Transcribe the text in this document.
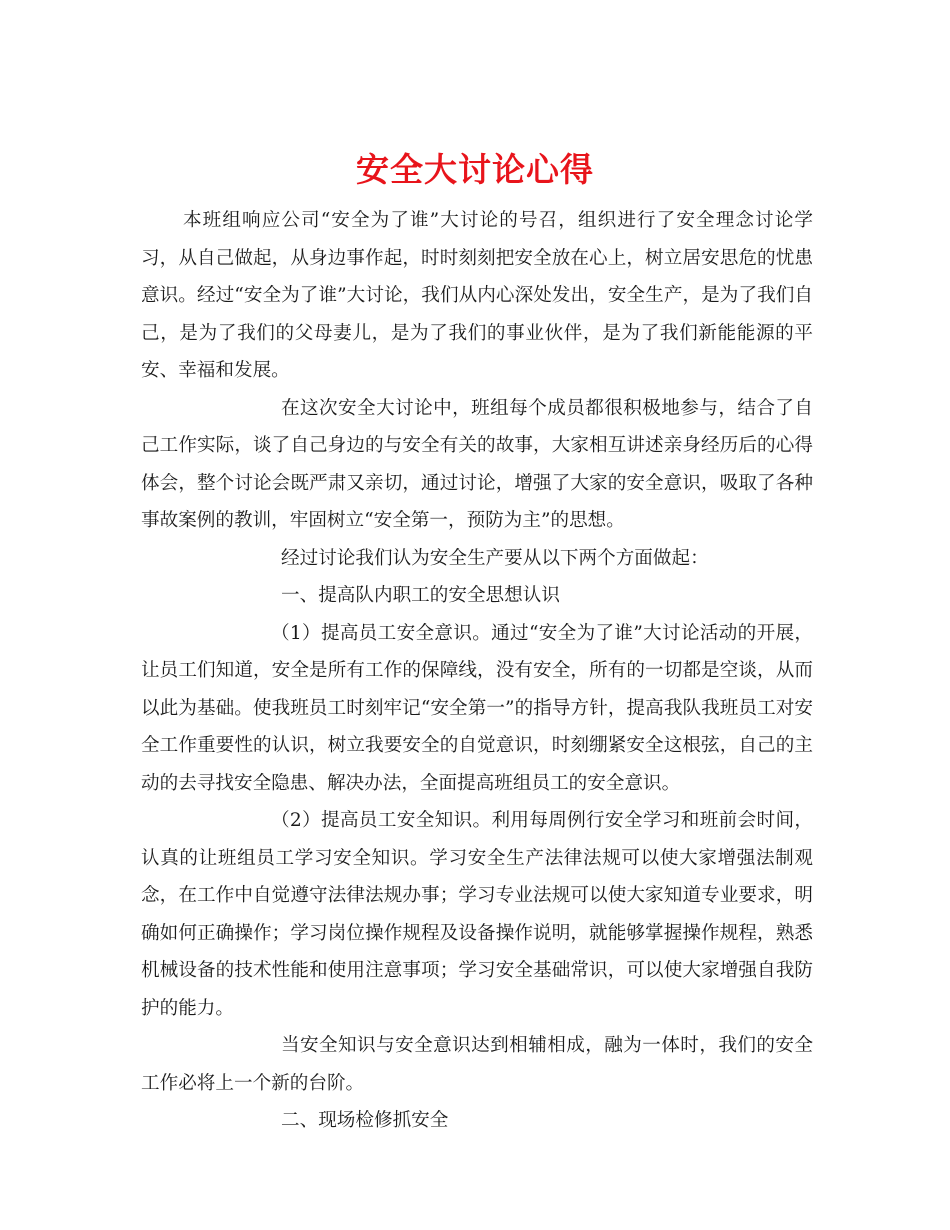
安全大讨论心得

本班组响应公司“安全为了谁”大讨论的号召，组织进行了安全理念讨论学习，从自己做起，从身边事作起，时时刻刻把安全放在心上，树立居安思危的忧患意识。经过“安全为了谁”大讨论，我们从内心深处发出，安全生产，是为了我们自己，是为了我们的父母妻儿，是为了我们的事业伙伴，是为了我们新能能源的平安、幸福和发展。

在这次安全大讨论中，班组每个成员都很积极地参与，结合了自己工作实际，谈了自己身边的与安全有关的故事，大家相互讲述亲身经历后的心得体会，整个讨论会既严肃又亲切，通过讨论，增强了大家的安全意识，吸取了各种事故案例的教训，牢固树立“安全第一，预防为主”的思想。

经过讨论我们认为安全生产要从以下两个方面做起：

一、提高队内职工的安全思想认识

（1）提高员工安全意识。通过“安全为了谁”大讨论活动的开展，让员工们知道，安全是所有工作的保障线，没有安全，所有的一切都是空谈，从而以此为基础。使我班员工时刻牢记“安全第一”的指导方针，提高我队我班员工对安全工作重要性的认识，树立我要安全的自觉意识，时刻绷紧安全这根弦，自己的主动的去寻找安全隐患、解决办法，全面提高班组员工的安全意识。

（2）提高员工安全知识。利用每周例行安全学习和班前会时间，认真的让班组员工学习安全知识。学习安全生产法律法规可以使大家增强法制观念，在工作中自觉遵守法律法规办事；学习专业法规可以使大家知道专业要求，明确如何正确操作；学习岗位操作规程及设备操作说明，就能够掌握操作规程，熟悉机械设备的技术性能和使用注意事项；学习安全基础常识，可以使大家增强自我防护的能力。

当安全知识与安全意识达到相辅相成，融为一体时，我们的安全工作必将上一个新的台阶。

二、现场检修抓安全
